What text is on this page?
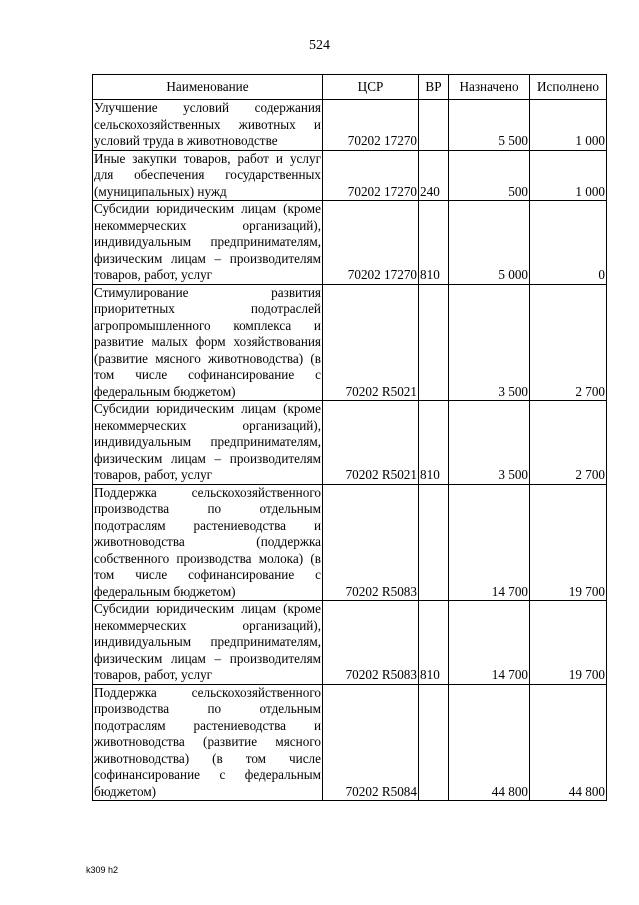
524
Наименование	ЦСР	ВР	Назначено	Исполнено
Улучшение условий содержания сельскохозяйственных животных и условий труда в животноводстве	70202 17270		5 500	1 000
Иные закупки товаров, работ и услуг для обеспечения государственных (муниципальных) нужд	70202 17270	240	500	1 000
Субсидии юридическим лицам (кроме некоммерческих организаций), индивидуальным предпринимателям, физическим лицам – производителям товаров, работ, услуг	70202 17270	810	5 000	0
Стимулирование развития приоритетных подотраслей агропромышленного комплекса и развитие малых форм хозяйствования (развитие мясного животноводства) (в том числе софинансирование с федеральным бюджетом)	70202 R5021		3 500	2 700
Субсидии юридическим лицам (кроме некоммерческих организаций), индивидуальным предпринимателям, физическим лицам – производителям товаров, работ, услуг	70202 R5021	810	3 500	2 700
Поддержка сельскохозяйственного производства по отдельным подотраслям растениеводства и животноводства (поддержка собственного производства молока) (в том числе софинансирование с федеральным бюджетом)	70202 R5083		14 700	19 700
Субсидии юридическим лицам (кроме некоммерческих организаций), индивидуальным предпринимателям, физическим лицам – производителям товаров, работ, услуг	70202 R5083	810	14 700	19 700
Поддержка сельскохозяйственного производства по отдельным подотраслям растениеводства и животноводства (развитие мясного животноводства) (в том числе софинансирование с федеральным бюджетом)	70202 R5084		44 800	44 800
k309 h2
